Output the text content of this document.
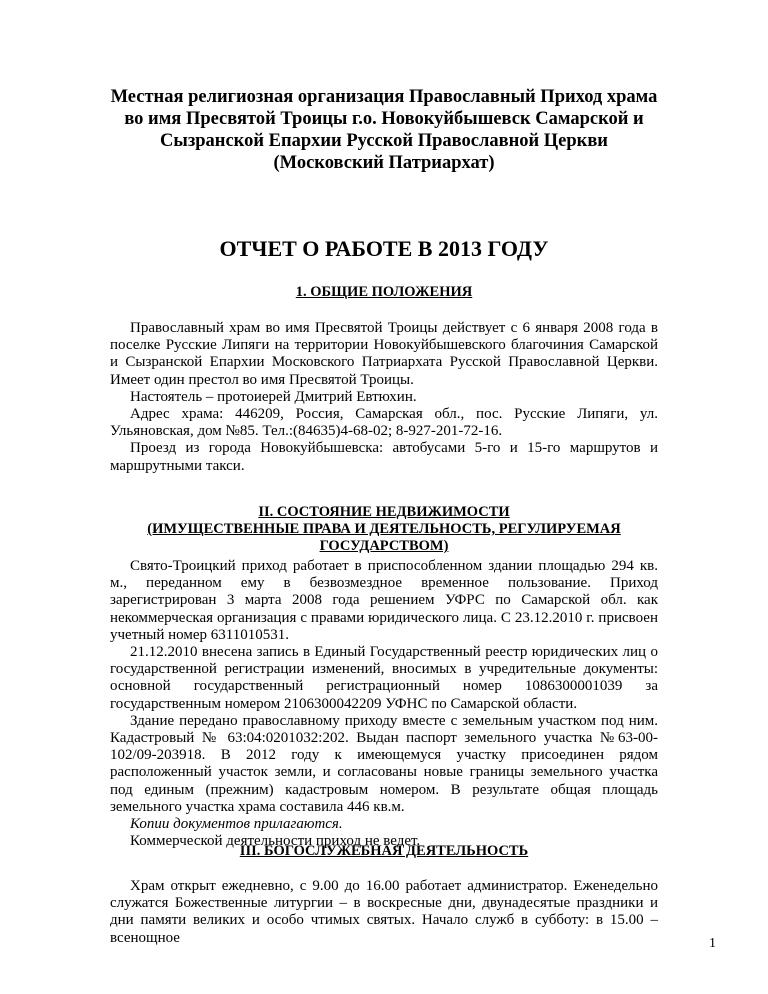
Местная религиозная организация Православный Приход храма во имя Пресвятой Троицы г.о. Новокуйбышевск Самарской и Сызранской Епархии Русской Православной Церкви (Московский Патриархат)
ОТЧЕТ О РАБОТЕ В 2013 ГОДУ
1. ОБЩИЕ ПОЛОЖЕНИЯ

Православный храм во имя Пресвятой Троицы действует с 6 января 2008 года в поселке Русские Липяги на территории Новокуйбышевского благочиния Самарской и Сызранской Епархии Московского Патриархата Русской Православной Церкви. Имеет один престол во имя Пресвятой Троицы.

Настоятель – протоиерей Дмитрий Евтюхин.

Адрес храма: 446209, Россия, Самарская обл., пос. Русские Липяги, ул. Ульяновская, дом №85. Тел.:(84635)4-68-02; 8-927-201-72-16.

Проезд из города Новокуйбышевска: автобусами 5-го и 15-го маршрутов и маршрутными такси.

II. СОСТОЯНИЕ НЕДВИЖИМОСТИ
(ИМУЩЕСТВЕННЫЕ ПРАВА И ДЕЯТЕЛЬНОСТЬ, РЕГУЛИРУЕМАЯ ГОСУДАРСТВОМ)

Свято-Троицкий приход работает в приспособленном здании площадью 294 кв. м., переданном ему в безвозмездное временное пользование. Приход зарегистрирован 3 марта 2008 года решением УФРС по Самарской обл. как некоммерческая организация с правами юридического лица. С 23.12.2010 г. присвоен учетный номер 6311010531.

21.12.2010 внесена запись в Единый Государственный реестр юридических лиц о государственной регистрации изменений, вносимых в учредительные документы: основной государственный регистрационный номер 1086300001039 за государственным номером 2106300042209 УФНС по Самарской области.

Здание передано православному приходу вместе с земельным участком под ним. Кадастровый № 63:04:0201032:202. Выдан паспорт земельного участка №63-00-102/09-203918. В 2012 году к имеющемуся участку присоединен рядом расположенный участок земли, и согласованы новые границы земельного участка под единым (прежним) кадастровым номером. В результате общая площадь земельного участка храма составила 446 кв.м.

Копии документов прилагаются.

Коммерческой деятельности приход не ведет.

III. БОГОСЛУЖЕБНАЯ ДЕЯТЕЛЬНОСТЬ

Храм открыт ежедневно, с 9.00 до 16.00 работает администратор. Еженедельно служатся Божественные литургии – в воскресные дни, двунадесятые праздники и дни памяти великих и особо чтимых святых. Начало служб в субботу: в 15.00 – всенощное	1
